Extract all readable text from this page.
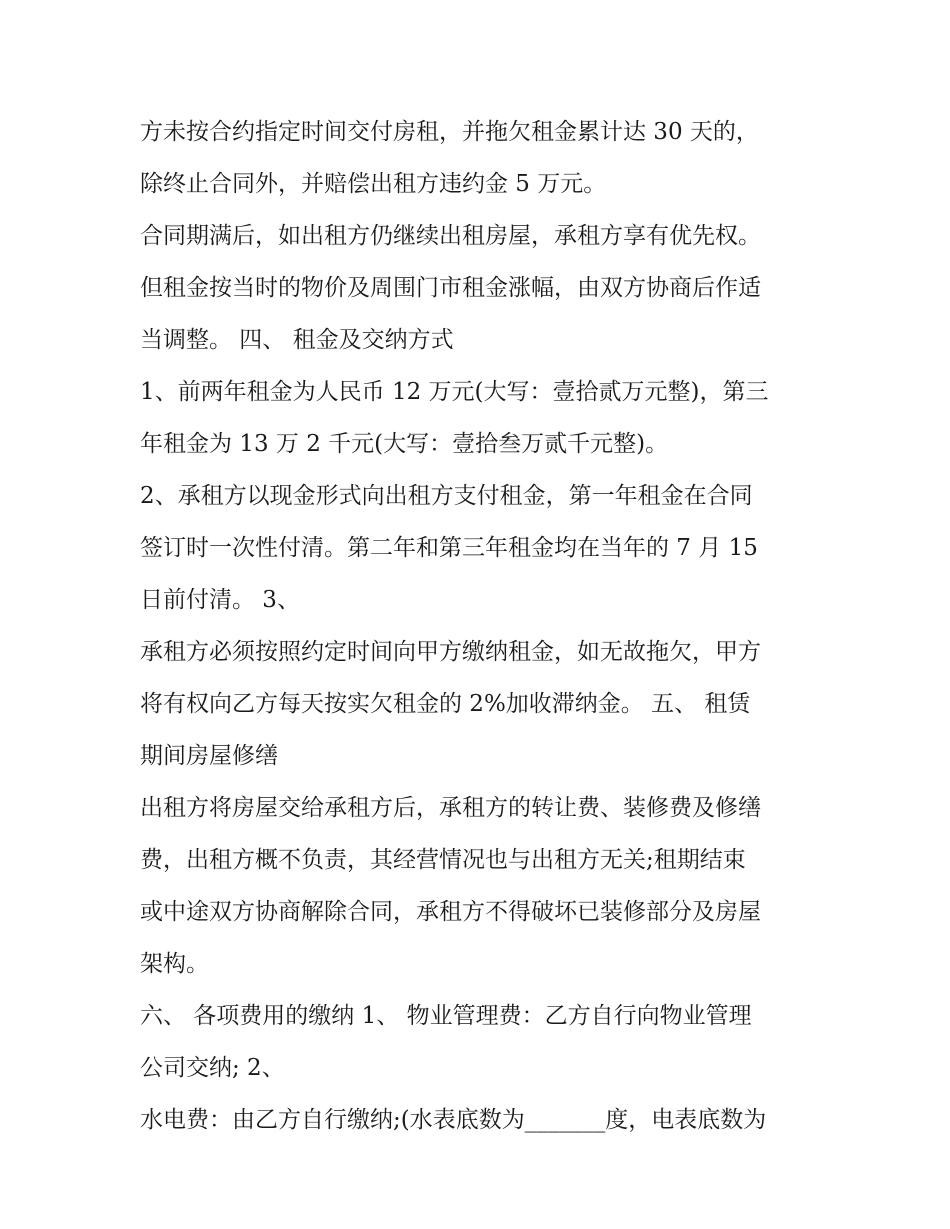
方未按合约指定时间交付房租，并拖欠租金累计达 30 天的，
除终止合同外，并赔偿出租方违约金 5 万元。
合同期满后，如出租方仍继续出租房屋，承租方享有优先权。
但租金按当时的物价及周围门市租金涨幅，由双方协商后作适
当调整。 四、 租金及交纳方式
1、前两年租金为人民币 12 万元(大写：壹拾贰万元整)，第三
年租金为 13 万 2 千元(大写：壹拾叁万贰千元整)。
2、承租方以现金形式向出租方支付租金，第一年租金在合同
签订时一次性付清。第二年和第三年租金均在当年的 7 月 15
日前付清。 3、
承租方必须按照约定时间向甲方缴纳租金，如无故拖欠，甲方
将有权向乙方每天按实欠租金的 2%加收滞纳金。 五、 租赁
期间房屋修缮
出租方将房屋交给承租方后，承租方的转让费、装修费及修缮
费，出租方概不负责，其经营情况也与出租方无关;租期结束
或中途双方协商解除合同，承租方不得破坏已装修部分及房屋
架构。
六、 各项费用的缴纳 1、 物业管理费：乙方自行向物业管理
公司交纳; 2、
水电费：由乙方自行缴纳;(水表底数为_______度，电表底数为
